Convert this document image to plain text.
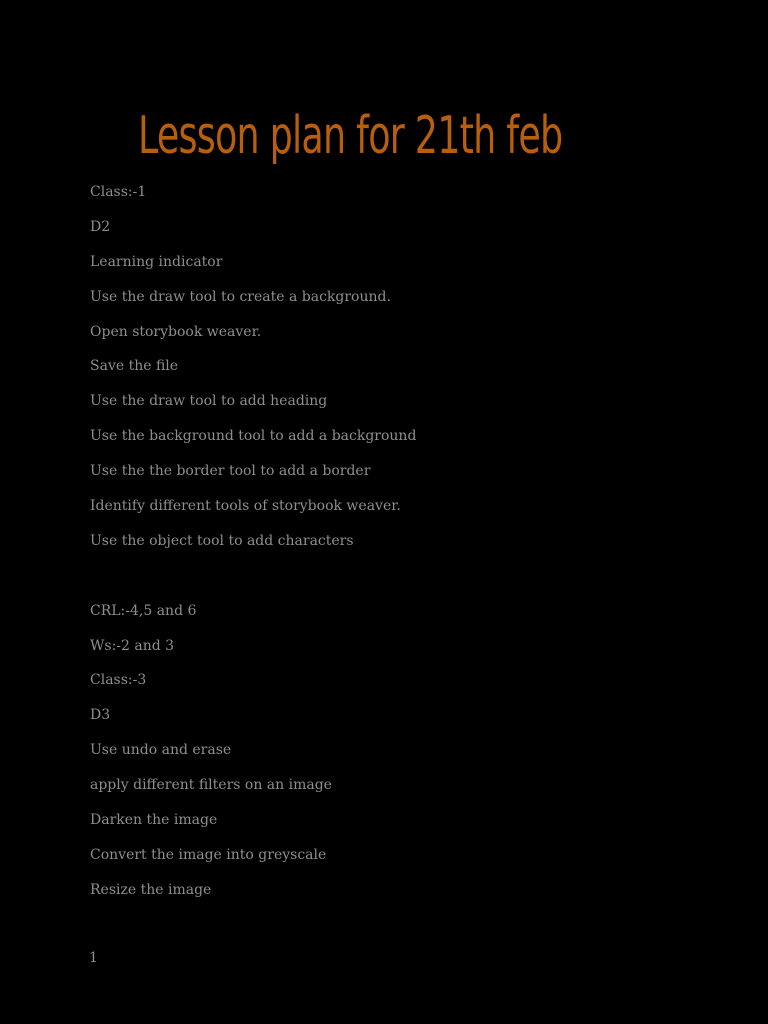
Lesson plan for 21th feb
Class:-1
D2
Learning indicator
Use the draw tool to create a background.
Open storybook weaver.
Save the file
Use the draw tool to add heading
Use the background tool to add a background
Use the the border tool to add a border
Identify different tools of storybook weaver.
Use the object tool to add characters
CRL:-4,5 and 6
Ws:-2 and 3
Class:-3
D3
Use undo and erase
apply different filters on an image
Darken the image
Convert the image into greyscale
Resize the image
1
